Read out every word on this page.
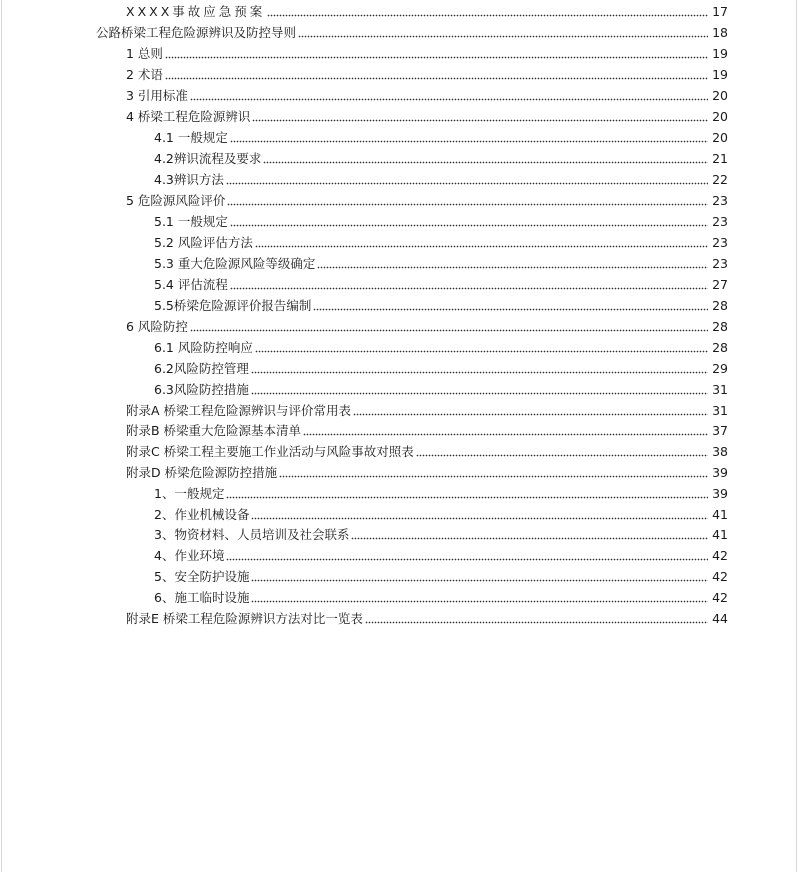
XXXX事故应急预案	17
公路桥梁工程危险源辨识及防控导则	18
1 总则	19
2 术语	19
3 引用标准	20
4 桥梁工程危险源辨识	20
4.1 一般规定	20
4.2辨识流程及要求	21
4.3辨识方法	22
5 危险源风险评价	23
5.1 一般规定	23
5.2 风险评估方法	23
5.3 重大危险源风险等级确定	23
5.4 评估流程	27
5.5桥梁危险源评价报告编制	28
6 风险防控	28
6.1 风险防控响应	28
6.2风险防控管理	29
6.3风险防控措施	31
附录A 桥梁工程危险源辨识与评价常用表	31
附录B 桥梁重大危险源基本清单	37
附录C 桥梁工程主要施工作业活动与风险事故对照表	38
附录D 桥梁危险源防控措施	39
1、一般规定	39
2、作业机械设备	41
3、物资材料、人员培训及社会联系	41
4、作业环境	42
5、安全防护设施	42
6、施工临时设施	42
附录E 桥梁工程危险源辨识方法对比一览表	44
